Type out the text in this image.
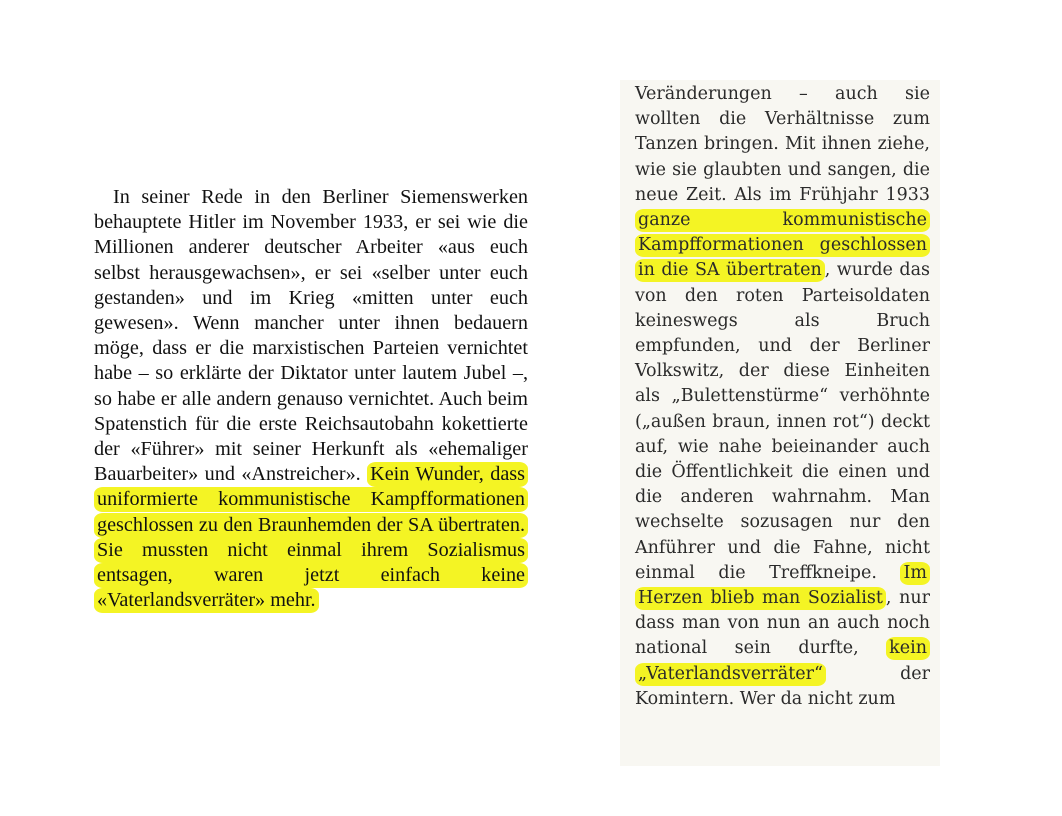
In seiner Rede in den Berliner Siemenswerken behauptete Hitler im November 1933, er sei wie die Millionen anderer deutscher Arbeiter «aus euch selbst herausgewachsen», er sei «selber unter euch gestanden» und im Krieg «mitten unter euch gewesen». Wenn mancher unter ihnen bedauern möge, dass er die marxistischen Parteien vernichtet habe – so erklärte der Diktator unter lautem Jubel –, so habe er alle andern genauso vernichtet. Auch beim Spatenstich für die erste Reichsautobahn kokettierte der «Führer» mit seiner Herkunft als «ehemaliger Bauarbeiter» und «Anstreicher». Kein Wunder, dass uniformierte kommunistische Kampfformationen geschlossen zu den Braunhemden der SA übertraten. Sie mussten nicht einmal ihrem Sozialismus entsagen, waren jetzt einfach keine «Vaterlandsverräter» mehr.

Veränderungen – auch sie wollten die Verhältnisse zum Tanzen bringen. Mit ihnen ziehe, wie sie glaubten und sangen, die neue Zeit. Als im Frühjahr 1933 ganze kommunistische Kampfformationen geschlossen in die SA übertraten , wurde das von den roten Parteisoldaten keineswegs als Bruch empfunden, und der Berliner Volkswitz, der diese Einheiten als „Bulettenstürme“ verhöhnte („außen braun, innen rot“) deckt auf, wie nahe beieinander auch die Öffentlichkeit die einen und die anderen wahrnahm. Man wechselte sozusagen nur den Anführer und die Fahne, nicht einmal die Treffkneipe. Im Herzen blieb man Sozialist , nur dass man von nun an auch noch national sein durfte, kein „Vaterlandsverräter“ der Komintern. Wer da nicht zum
